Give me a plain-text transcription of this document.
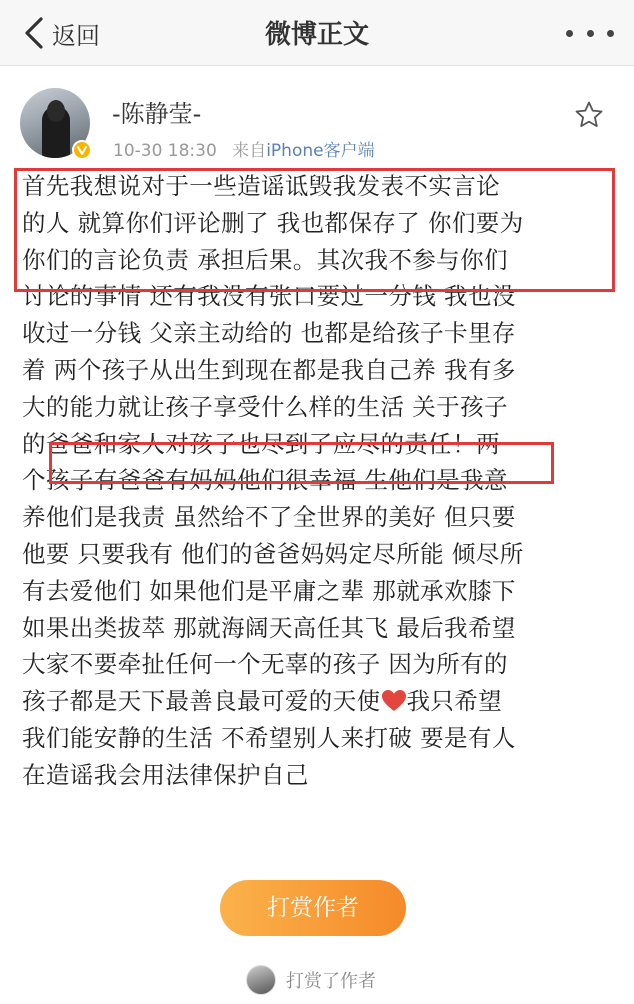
返回	微博正文
-陈静莹-
10-30 18:30 来自iPhone客户端
首先我想说对于一些造谣诋毁我发表不实言论
的人 就算你们评论删了 我也都保存了 你们要为
你们的言论负责 承担后果。其次我不参与你们
讨论的事情 还有我没有张口要过一分钱 我也没
收过一分钱 父亲主动给的 也都是给孩子卡里存
着 两个孩子从出生到现在都是我自己养 我有多
大的能力就让孩子享受什么样的生活 关于孩子
的爸爸和家人对孩子也尽到了应尽的责任！两
个孩子有爸爸有妈妈他们很幸福 生他们是我意
养他们是我责 虽然给不了全世界的美好 但只要
他要 只要我有 他们的爸爸妈妈定尽所能 倾尽所
有去爱他们 如果他们是平庸之辈 那就承欢膝下
如果出类拔萃 那就海阔天高任其飞 最后我希望
大家不要牵扯任何一个无辜的孩子 因为所有的
孩子都是天下最善良最可爱的天使 我只希望
我们能安静的生活 不希望别人来打破 要是有人
在造谣我会用法律保护自己
打赏作者
打赏了作者
